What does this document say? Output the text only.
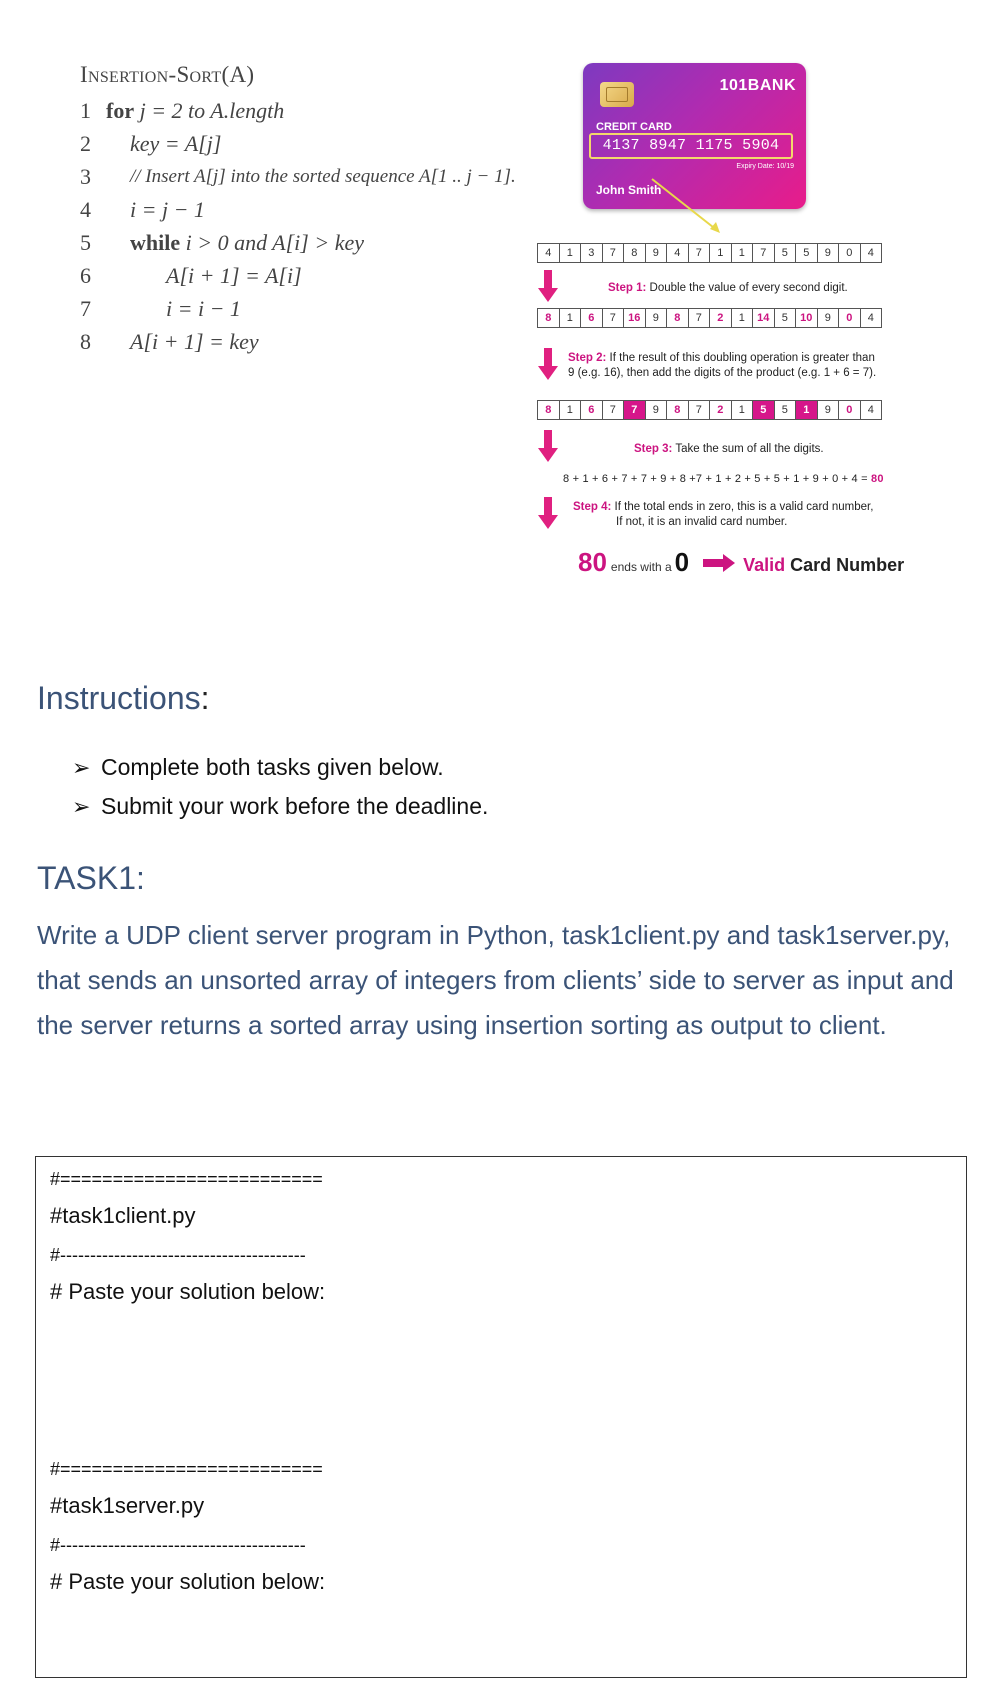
Insertion-Sort(A)
1 for j = 2 to A.length
2 key = A[j]
3 // Insert A[j] into the sorted sequence A[1 .. j − 1].
4 i = j − 1
5 while i > 0 and A[i] > key
6	A[i + 1] = A[i]
7	i = i − 1
8 A[i + 1] = key
101BANK
CREDIT CARD
4137 8947 1175 5904
Expiry Date: 10/19
John Smith
4	1	3	7	8	9	4	7	1	1	7	5	5	9	0	4
Step 1: Double the value of every second digit.
8	1	6	7	16	9	8	7	2	1	14	5	10	9	0	4
Step 2: If the result of this doubling operation is greater than
9 (e.g. 16), then add the digits of the product (e.g. 1 + 6 = 7).
8	1	6	7	7	9	8	7	2	1	5	5	1	9	0	4
Step 3: Take the sum of all the digits.
8 + 1 + 6 + 7 + 7 + 9 + 8 +7 + 1 + 2 + 5 + 5 + 1 + 9 + 0 + 4 = 80
Step 4: If the total ends in zero, this is a valid card number,
If not, it is an invalid card number.
80 ends with a 0	Valid Card Number
Instructions:
➢ Complete both tasks given below.
➢ Submit your work before the deadline.
TASK1:
Write a UDP client server program in Python, task1client.py and task1server.py, that sends an unsorted array of integers from clients’ side to server as input and the server returns a sorted array using insertion sorting as output to client.
#=========================
#task1client.py
#-----------------------------------------
# Paste your solution below:
#=========================
#task1server.py
#-----------------------------------------
# Paste your solution below:
